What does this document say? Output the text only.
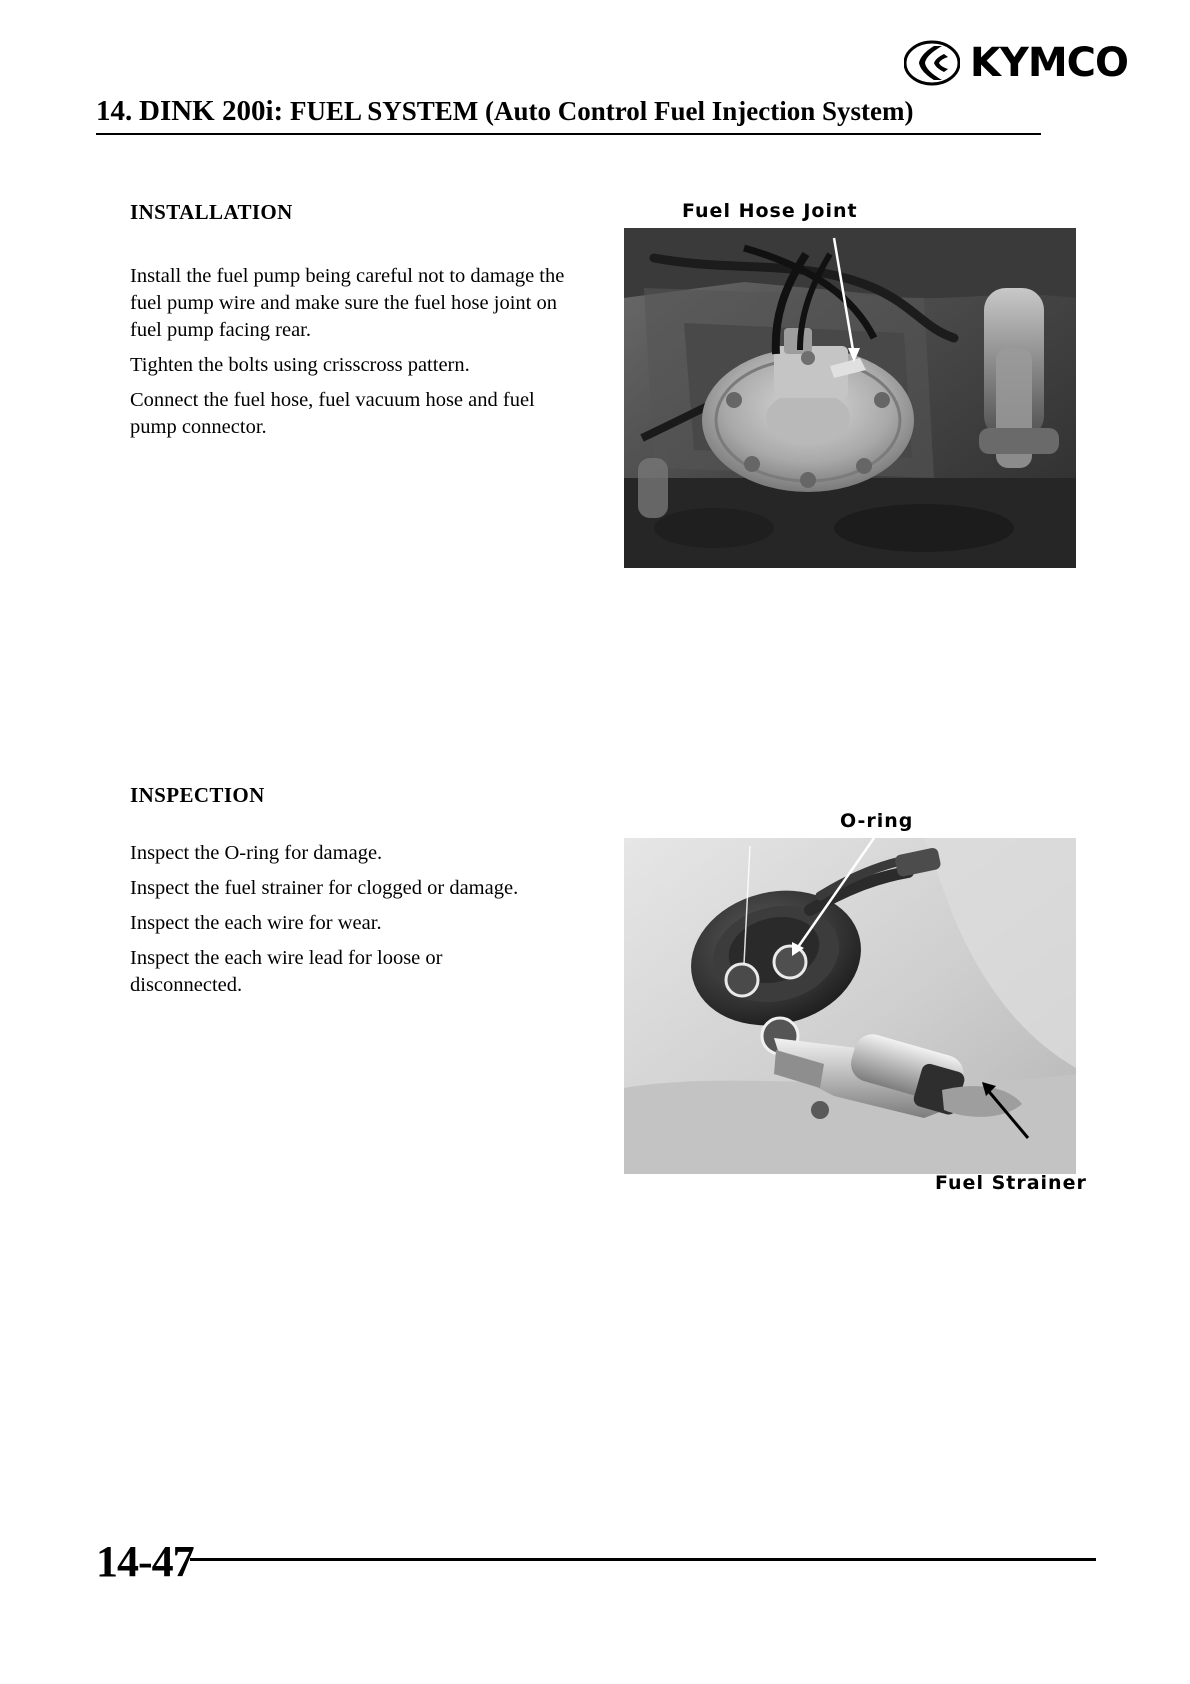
KYMCO
14. DINK 200i: FUEL SYSTEM (Auto Control Fuel Injection System)
INSTALLATION

Install the fuel pump being careful not to damage the fuel pump wire and make sure the fuel hose joint on fuel pump facing rear.

Tighten the bolts using crisscross pattern.

Connect the fuel hose, fuel vacuum hose and fuel pump connector.

Fuel Hose Joint
INSPECTION

Inspect the O-ring for damage.

Inspect the fuel strainer for clogged or damage.

Inspect the each wire for wear.

Inspect the each wire lead for loose or disconnected.

O-ring
Fuel Strainer
14-47
